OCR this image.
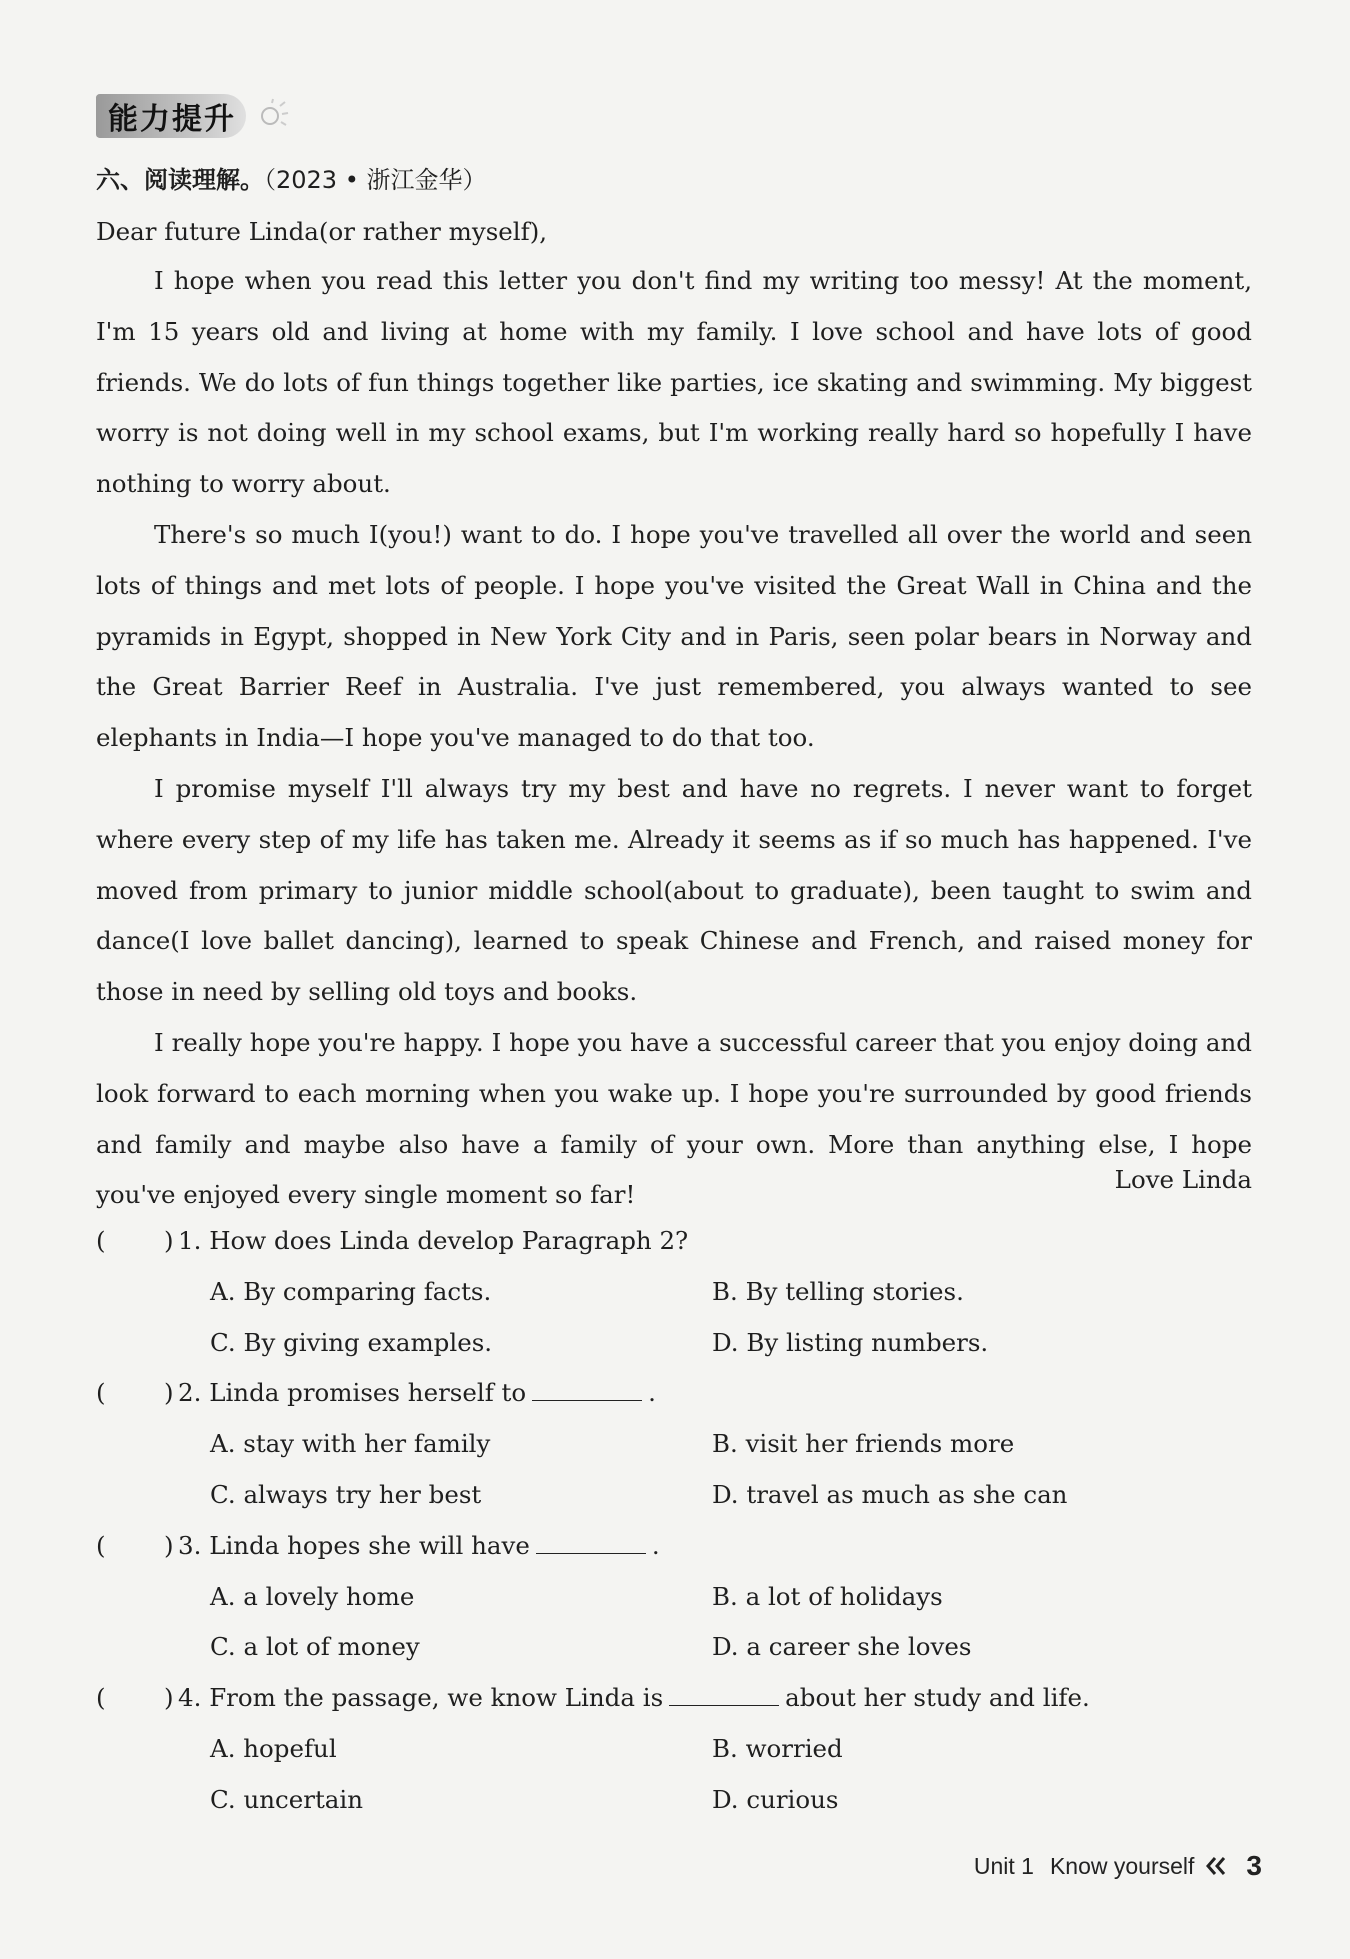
能力提升
六、阅读理解。（2023 • 浙江金华）
Dear future Linda(or rather myself),

I hope when you read this letter you don't find my writing too messy! At the moment, I'm 15 years old and living at home with my family. I love school and have lots of good friends. We do lots of fun things together like parties, ice skating and swimming. My biggest worry is not doing well in my school exams, but I'm working really hard so hopefully I have nothing to worry about.

There's so much I(you!) want to do. I hope you've travelled all over the world and seen lots of things and met lots of people. I hope you've visited the Great Wall in China and the pyramids in Egypt, shopped in New York City and in Paris, seen polar bears in Norway and the Great Barrier Reef in Australia. I've just remembered, you always wanted to see elephants in India—I hope you've managed to do that too.

I promise myself I'll always try my best and have no regrets. I never want to forget where every step of my life has taken me. Already it seems as if so much has happened. I've moved from primary to junior middle school(about to graduate), been taught to swim and dance(I love ballet dancing), learned to speak Chinese and French, and raised money for those in need by selling old toys and books.

I really hope you're happy. I hope you have a successful career that you enjoy doing and look forward to each morning when you wake up. I hope you're surrounded by good friends and family and maybe also have a family of your own. More than anything else, I hope you've enjoyed every single moment so far!

Love Linda
( ) 1. How does Linda develop Paragraph 2?
A. By comparing facts.	B. By telling stories.
C. By giving examples.	D. By listing numbers.
( ) 2. Linda promises herself to	.
A. stay with her family	B. visit her friends more
C. always try her best	D. travel as much as she can
( ) 3. Linda hopes she will have	.
A. a lovely home	B. a lot of holidays
C. a lot of money	D. a career she loves
( ) 4. From the passage, we know Linda is	about her study and life.
A. hopeful	B. worried
C. uncertain	D. curious
Unit 1 Know yourself 3
